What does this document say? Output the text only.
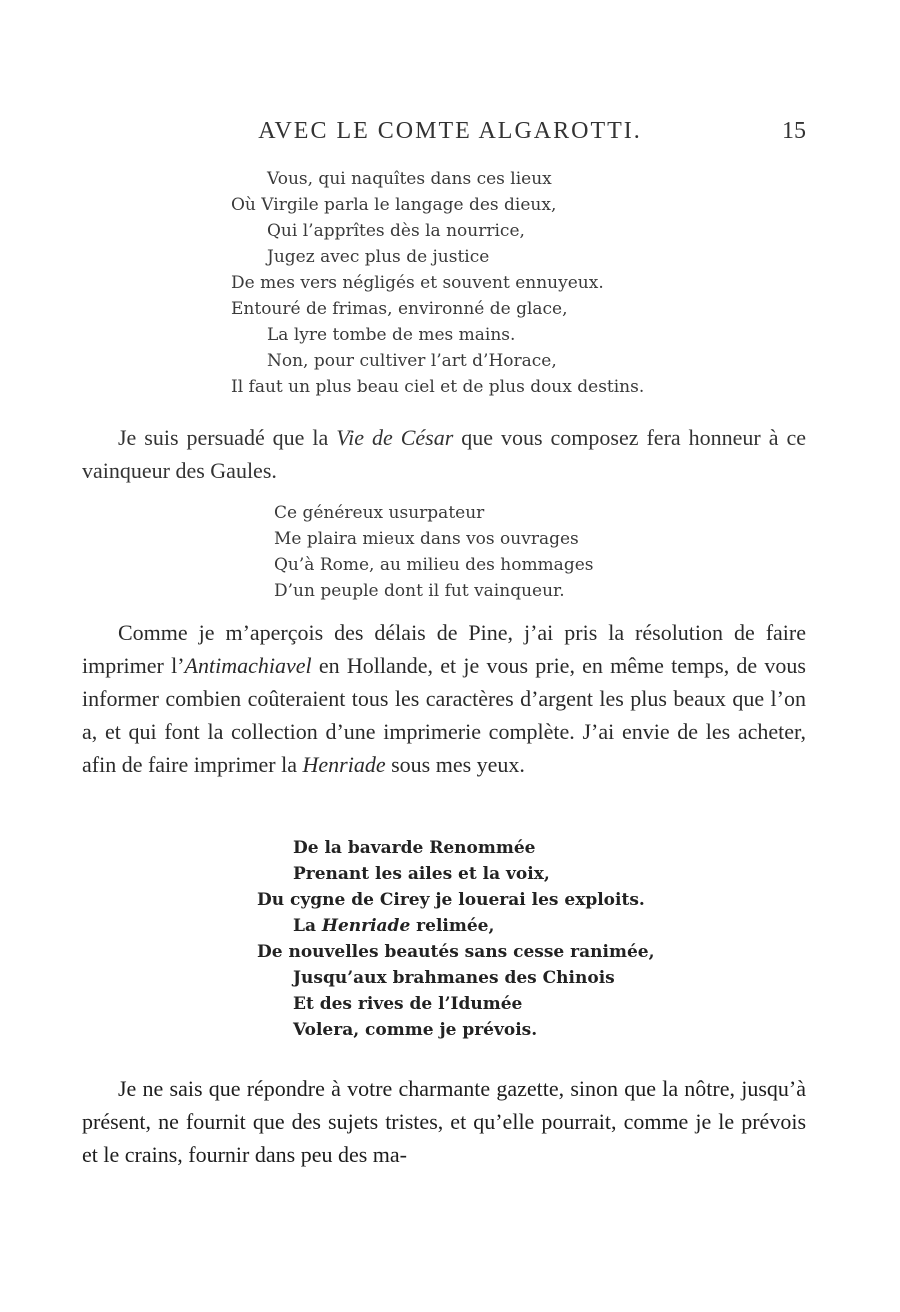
AVEC LE COMTE ALGAROTTI.	15
Vous, qui naquîtes dans ces lieux
Où Virgile parla le langage des dieux,
Qui l’apprîtes dès la nourrice,
Jugez avec plus de justice
De mes vers négligés et souvent ennuyeux.
Entouré de frimas, environné de glace,
La lyre tombe de mes mains.
Non, pour cultiver l’art d’Horace,
Il faut un plus beau ciel et de plus doux destins.

Je suis persuadé que la Vie de César que vous composez fera honneur à ce vainqueur des Gaules.

Ce généreux usurpateur
Me plaira mieux dans vos ouvrages
Qu’à Rome, au milieu des hommages
D’un peuple dont il fut vainqueur.

Comme je m’aperçois des délais de Pine, j’ai pris la résolution de faire imprimer l’Antimachiavel en Hollande, et je vous prie, en même temps, de vous informer combien coûteraient tous les caractères d’argent les plus beaux que l’on a, et qui font la collection d’une imprimerie complète. J’ai envie de les acheter, afin de faire imprimer la Henriade sous mes yeux.

De la bavarde Renommée
Prenant les ailes et la voix,
Du cygne de Cirey je louerai les exploits.
La Henriade relimée,
De nouvelles beautés sans cesse ranimée,
Jusqu’aux brahmanes des Chinois
Et des rives de l’Idumée
Volera, comme je prévois.

Je ne sais que répondre à votre charmante gazette, sinon que la nôtre, jusqu’à présent, ne fournit que des sujets tristes, et qu’elle pourrait, comme je le prévois et le crains, fournir dans peu des ma-
